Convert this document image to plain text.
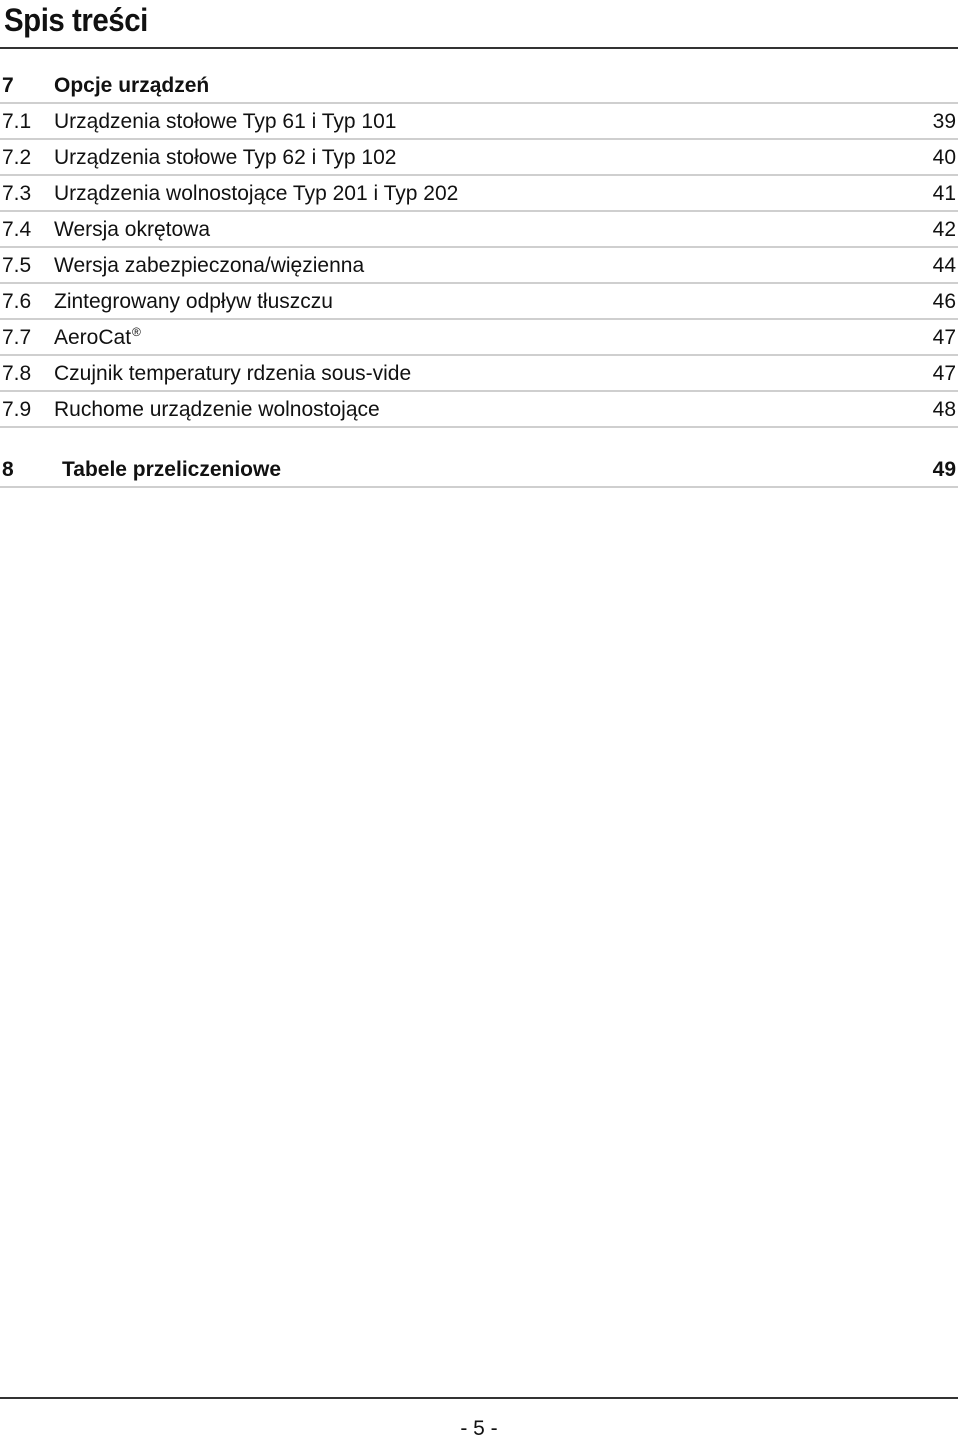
Spis treści
7 Opcje urządzeń
7.1 Urządzenia stołowe Typ 61 i Typ 101	39
7.2 Urządzenia stołowe Typ 62 i Typ 102	40
7.3 Urządzenia wolnostojące Typ 201 i Typ 202	41
7.4 Wersja okrętowa	42
7.5 Wersja zabezpieczona/więzienna	44
7.6 Zintegrowany odpływ tłuszczu	46
7.7 AeroCat®	47
7.8 Czujnik temperatury rdzenia sous-vide	47
7.9 Ruchome urządzenie wolnostojące	48
8 Tabele przeliczeniowe	49
- 5 -
